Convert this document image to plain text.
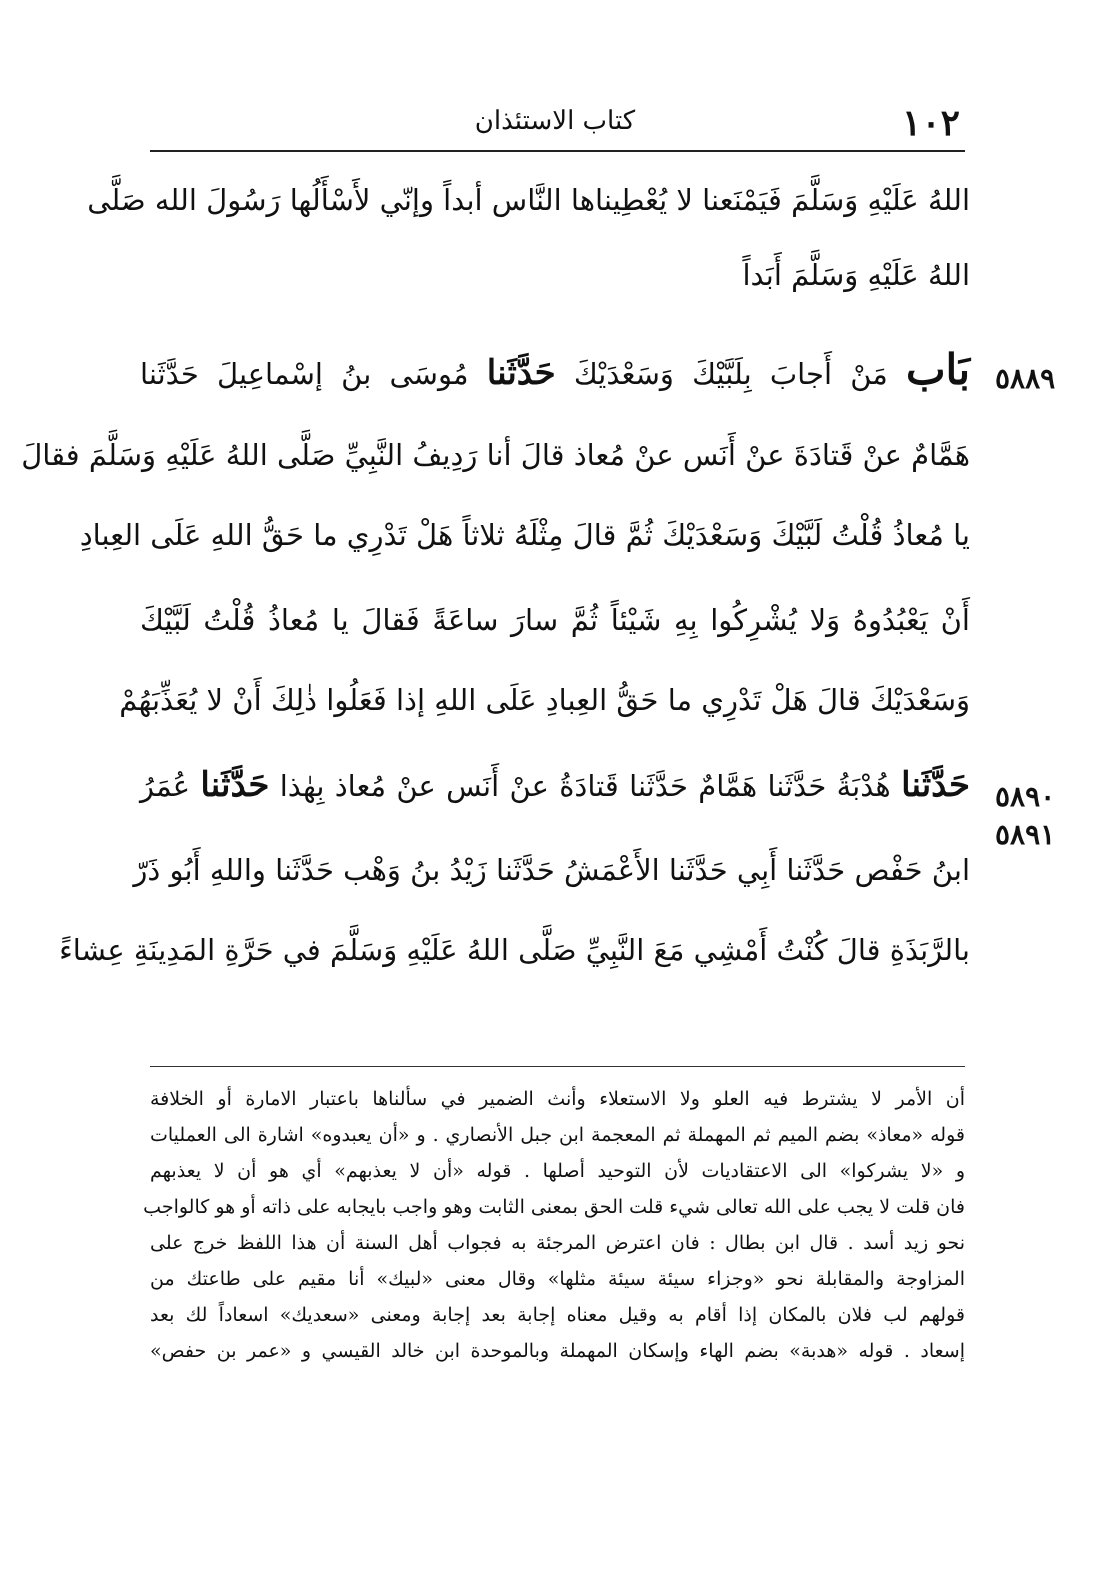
١٠٢
كتاب الاستئذان
اللهُ عَلَيْهِ وَسَلَّمَ فَيَمْنَعنا لا يُعْطِيناها النَّاس أبداً وإنّي لأَسْأَلُها رَسُولَ الله صَلَّى
اللهُ عَلَيْهِ وَسَلَّمَ أَبَداً
بَاب مَنْ أَجابَ بِلَبَّيْكَ وَسَعْدَيْكَ حَدَّثَنا مُوسَى بنُ إسْماعِيلَ حَدَّثَنا
هَمَّامٌ عنْ قَتادَةَ عنْ أَنَس عنْ مُعاذ قالَ أنا رَدِيفُ النَّبِيِّ صَلَّى اللهُ عَلَيْهِ وَسَلَّمَ فقالَ
يا مُعاذُ قُلْتُ لَبَّيْكَ وَسَعْدَيْكَ ثُمَّ قالَ مِثْلَهُ ثلاثاً هَلْ تَدْرِي ما حَقُّ اللهِ عَلَى العِبادِ
أَنْ يَعْبُدُوهُ وَلا يُشْرِكُوا بِهِ شَيْئاً ثُمَّ سارَ ساعَةً فَقالَ يا مُعاذُ قُلْتُ لَبَّيْكَ
وَسَعْدَيْكَ قالَ هَلْ تَدْرِي ما حَقُّ العِبادِ عَلَى اللهِ إذا فَعَلُوا ذٰلِكَ أَنْ لا يُعَذِّبَهُمْ
حَدَّثَنا هُدْبَةُ حَدَّثَنا هَمَّامٌ حَدَّثَنا قَتادَةُ عنْ أَنَس عنْ مُعاذ بِهٰذا حَدَّثَنا عُمَرُ
ابنُ حَفْص حَدَّثَنا أَبِي حَدَّثَنا الأَعْمَشُ حَدَّثَنا زَيْدُ بنُ وَهْب حَدَّثَنا واللهِ أَبُو ذَرّ
بالرَّبَذَةِ قالَ كُنْتُ أَمْشِي مَعَ النَّبِيِّ صَلَّى اللهُ عَلَيْهِ وَسَلَّمَ في حَرَّةِ المَدِينَةِ عِشاءً
٥٨٨٩
٥٨٩٠
٥٨٩١
أن الأمر لا يشترط فيه العلو ولا الاستعلاء وأنث الضمير في سألناها باعتبار الامارة أو الخلافة
قوله «معاذ» بضم الميم ثم المهملة ثم المعجمة ابن جبل الأنصاري . و «أن يعبدوه» اشارة الى العمليات
و «لا يشركوا» الى الاعتقاديات لأن التوحيد أصلها . قوله «أن لا يعذبهم» أي هو أن لا يعذبهم
فان قلت لا يجب على الله تعالى شيء قلت الحق بمعنى الثابت وهو واجب بايجابه على ذاته أو هو كالواجب
نحو زيد أسد . قال ابن بطال : فان اعترض المرجئة به فجواب أهل السنة أن هذا اللفظ خرج على
المزاوجة والمقابلة نحو «وجزاء سيئة سيئة مثلها» وقال معنى «لبيك» أنا مقيم على طاعتك من
قولهم لب فلان بالمكان إذا أقام به وقيل معناه إجابة بعد إجابة ومعنى «سعديك» اسعاداً لك بعد
إسعاد . قوله «هدبة» بضم الهاء وإسكان المهملة وبالموحدة ابن خالد القيسي و «عمر بن حفص»
